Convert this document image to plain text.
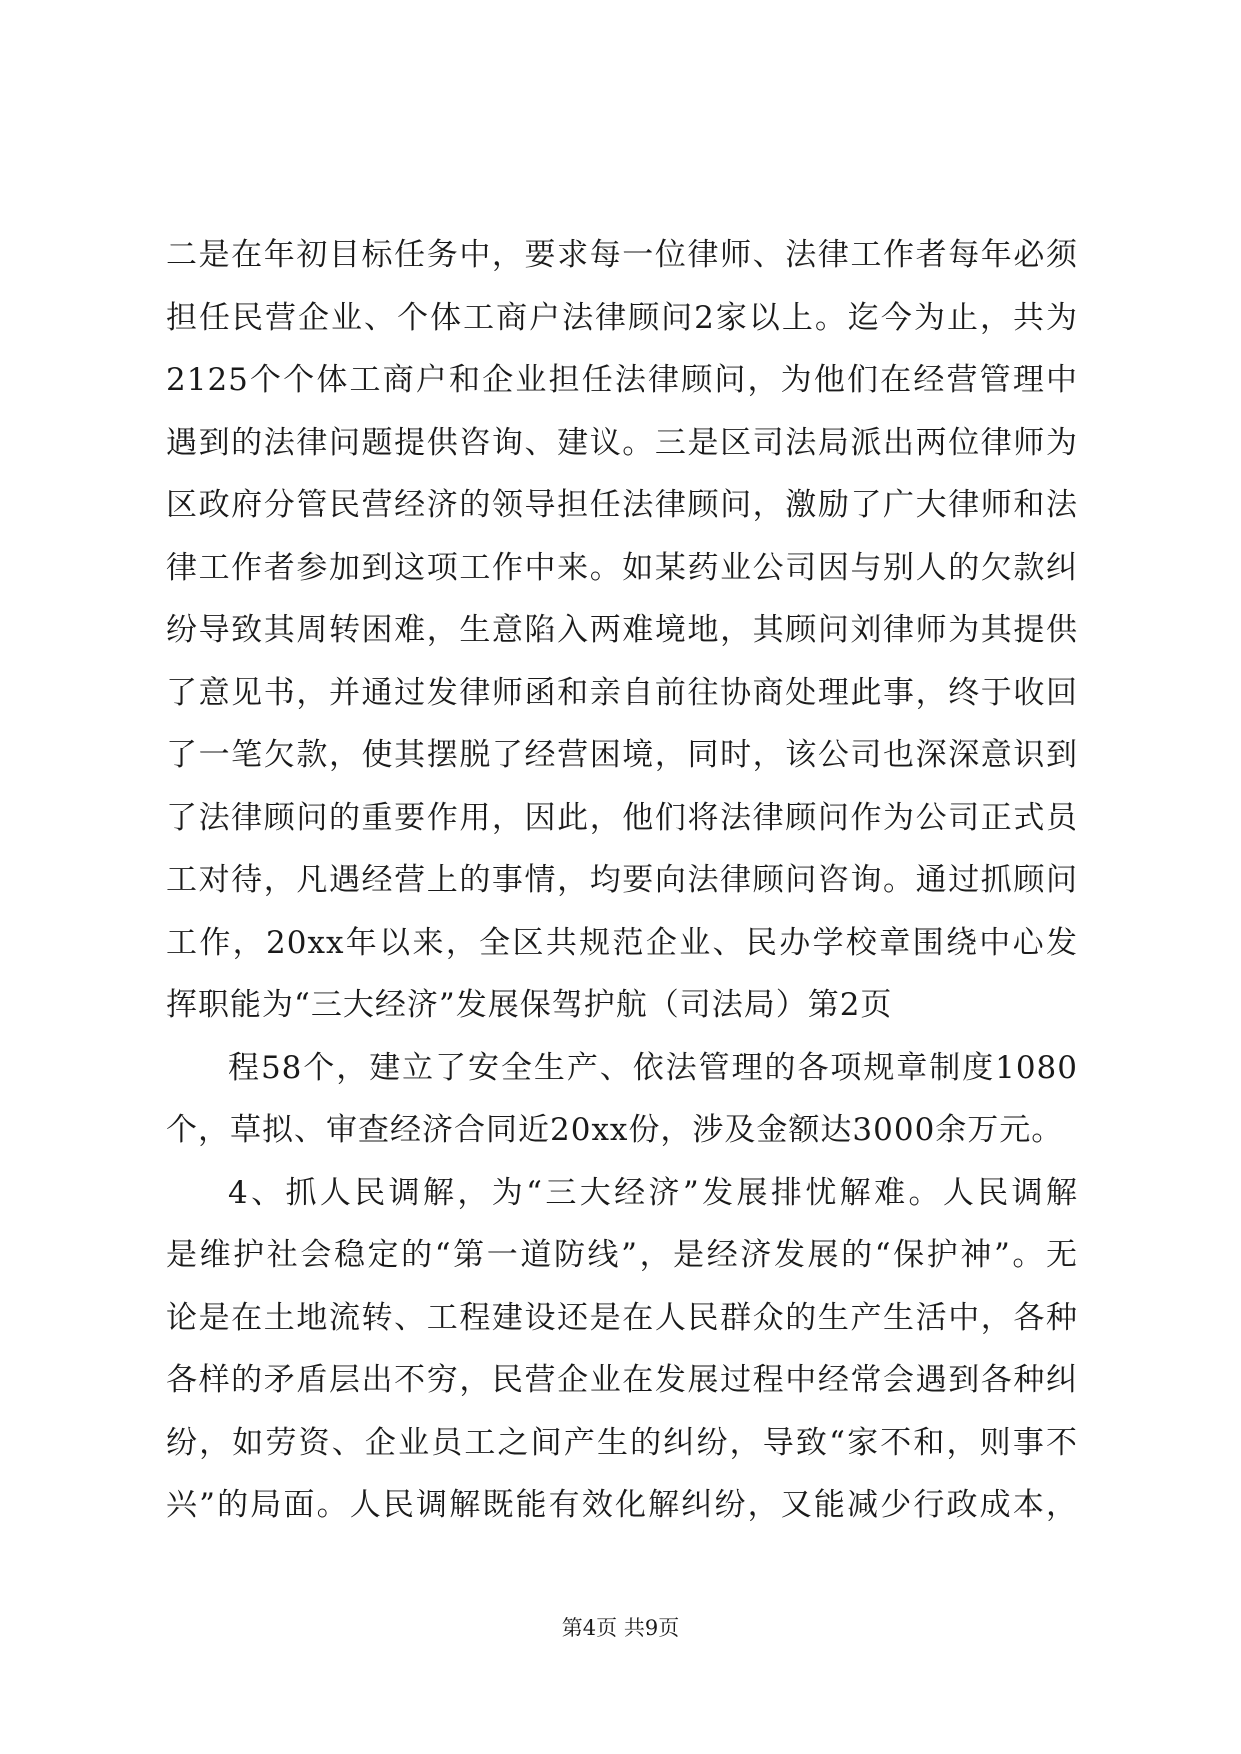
二是在年初目标任务中，要求每一位律师、法律工作者每年必须
担任民营企业、个体工商户法律顾问2家以上。迄今为止，共为
2125个个体工商户和企业担任法律顾问，为他们在经营管理中
遇到的法律问题提供咨询、建议。三是区司法局派出两位律师为
区政府分管民营经济的领导担任法律顾问，激励了广大律师和法
律工作者参加到这项工作中来。如某药业公司因与别人的欠款纠
纷导致其周转困难，生意陷入两难境地，其顾问刘律师为其提供
了意见书，并通过发律师函和亲自前往协商处理此事，终于收回
了一笔欠款，使其摆脱了经营困境，同时，该公司也深深意识到
了法律顾问的重要作用，因此，他们将法律顾问作为公司正式员
工对待，凡遇经营上的事情，均要向法律顾问咨询。通过抓顾问
工作，20xx年以来，全区共规范企业、民办学校章围绕中心发
挥职能为“三大经济”发展保驾护航（司法局）第2页
程58个，建立了安全生产、依法管理的各项规章制度1080
个，草拟、审查经济合同近20xx份，涉及金额达3000余万元。
4、抓人民调解，为“三大经济”发展排忧解难。人民调解
是维护社会稳定的“第一道防线”，是经济发展的“保护神”。无
论是在土地流转、工程建设还是在人民群众的生产生活中，各种
各样的矛盾层出不穷，民营企业在发展过程中经常会遇到各种纠
纷，如劳资、企业员工之间产生的纠纷，导致“家不和，则事不
兴”的局面。人民调解既能有效化解纠纷，又能减少行政成本，
第4页 共9页
